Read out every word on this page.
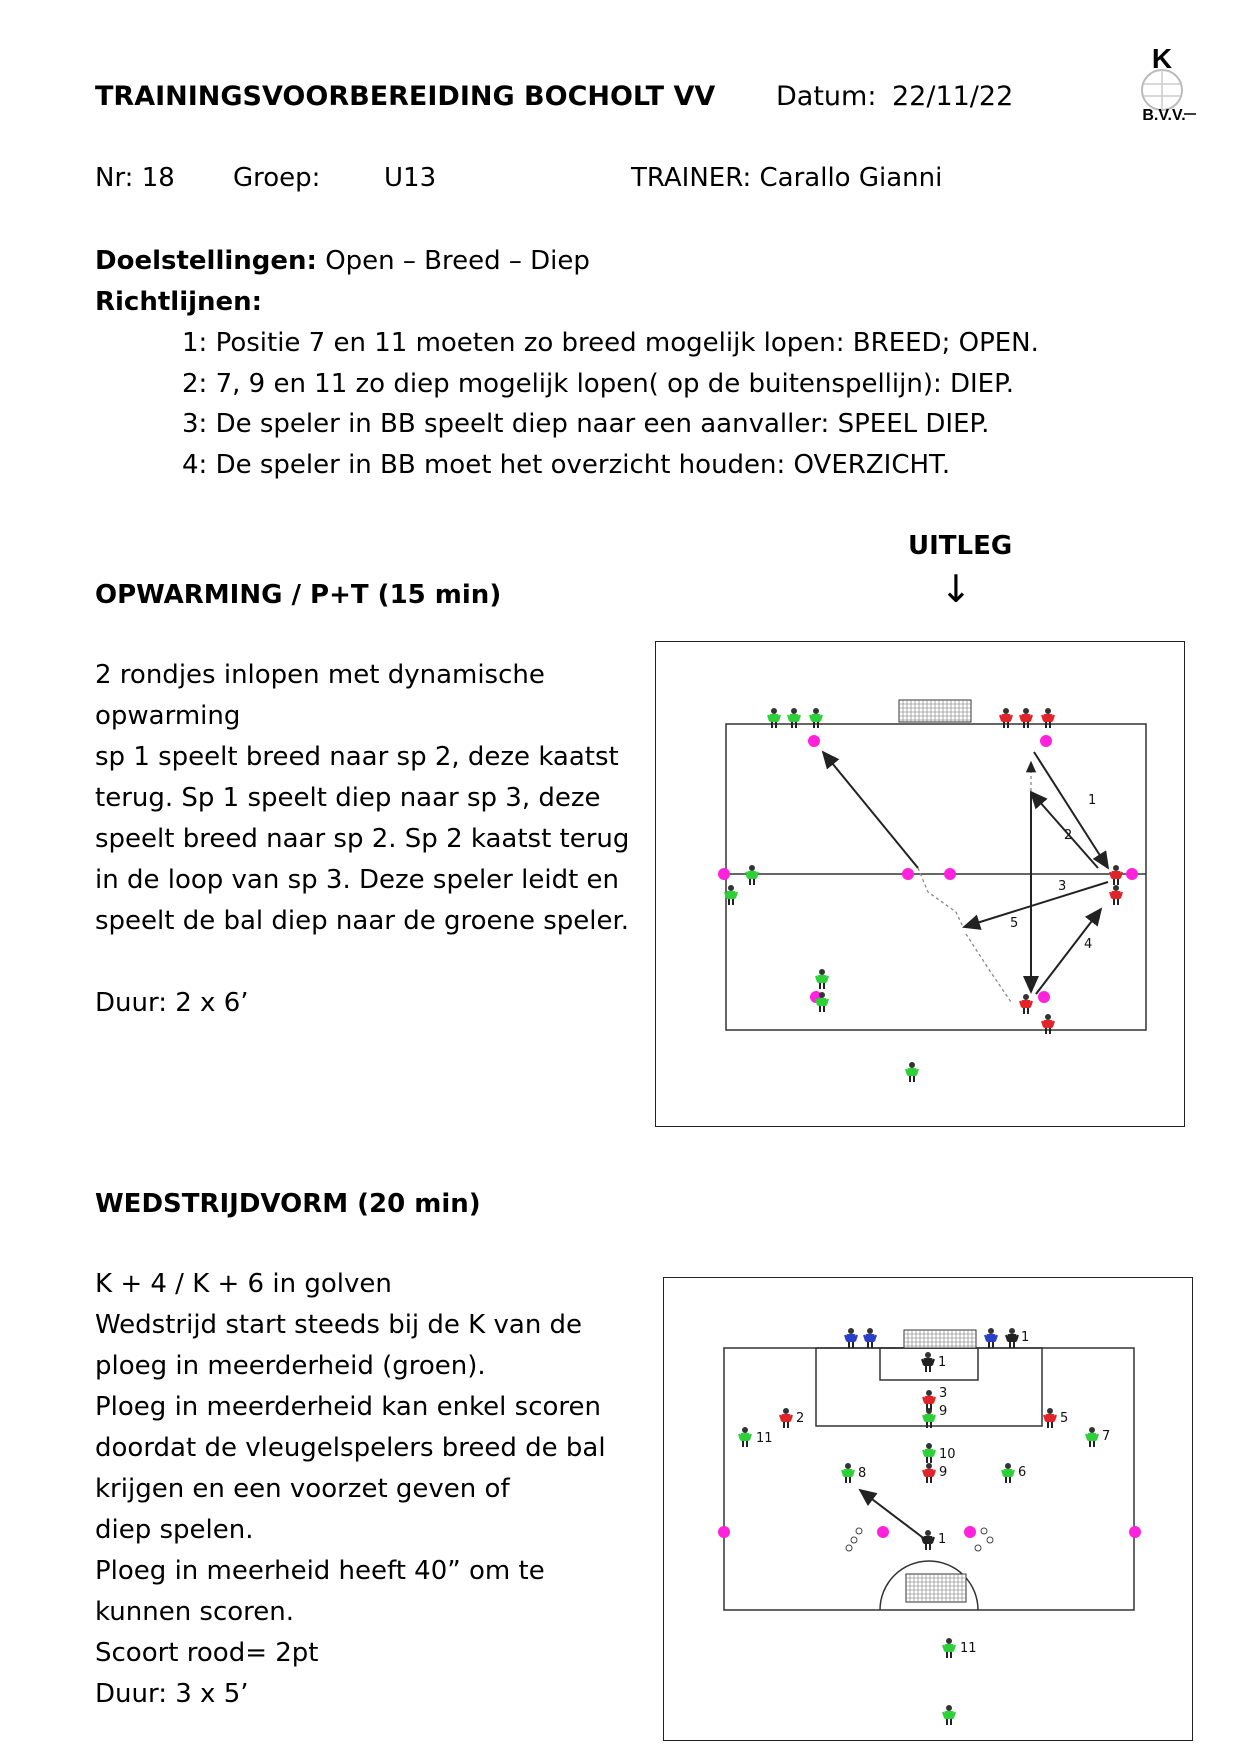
TRAININGSVOORBEREIDING BOCHOLT VV Datum: 22/11/22
K
B.V.V.
Nr: 18 Groep: U13	TRAINER: Carallo Gianni
Doelstellingen: Open – Breed – Diep
Richtlijnen:
1: Positie 7 en 11 moeten zo breed mogelijk lopen: BREED; OPEN.
2: 7, 9 en 11 zo diep mogelijk lopen( op de buitenspellijn): DIEP.
3: De speler in BB speelt diep naar een aanvaller: SPEEL DIEP.
4: De speler in BB moet het overzicht houden: OVERZICHT.
UITLEG
↓
OPWARMING / P+T (15 min)
2 rondjes inlopen met dynamische
opwarming
sp 1 speelt breed naar sp 2, deze kaatst
terug. Sp 1 speelt diep naar sp 3, deze
speelt breed naar sp 2. Sp 2 kaatst terug
in de loop van sp 3. Deze speler leidt en
speelt de bal diep naar de groene speler.
Duur: 2 x 6’
1
2
3
4
5
WEDSTRIJDVORM (20 min)
K + 4 / K + 6 in golven
Wedstrijd start steeds bij de K van de
ploeg in meerderheid (groen).
Ploeg in meerderheid kan enkel scoren
doordat de vleugelspelers breed de bal
krijgen en een voorzet geven of
diep spelen.
Ploeg in meerheid heeft 40” om te
kunnen scoren.
Scoort rood= 2pt
Duur: 3 x 5’
1
1
3
9
2	5
11	7
10
9
8	6
1
11
